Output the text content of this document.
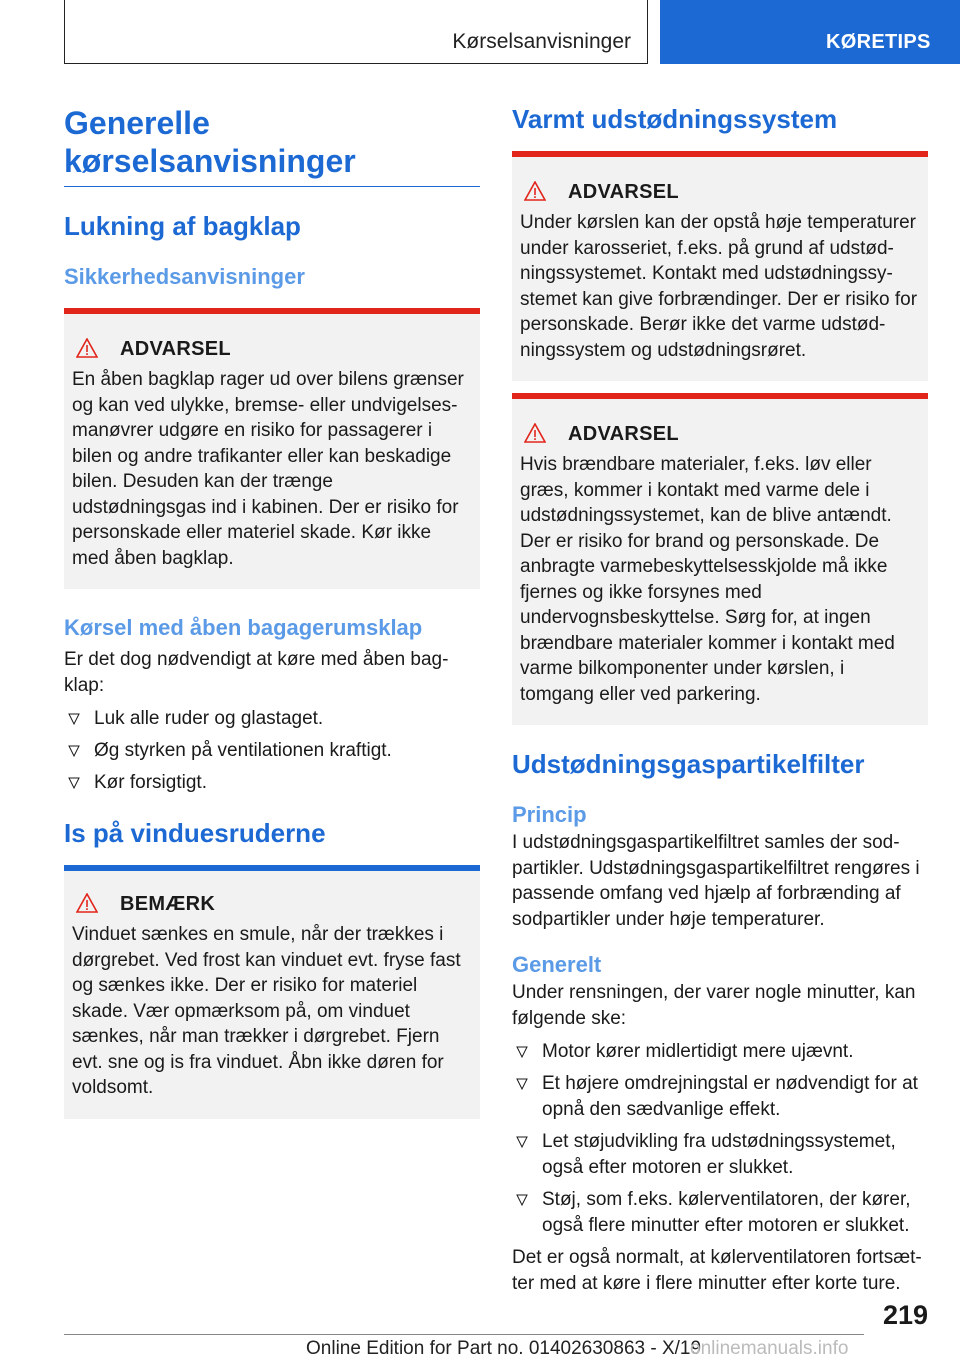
Kørselsanvisninger	KØRETIPS
Generelle
kørselsanvisninger
Lukning af bagklap
Sikkerhedsanvisninger

ADVARSEL

En åben bagklap rager ud over bilens grænser og kan ved ulykke, bremse- eller undvigelsesmanøvrer udgøre en risiko for passagerer i bilen og andre trafikanter eller kan beskadige bilen. Desuden kan der trænge udstødningsgas ind i kabinen. Der er risiko for personskade eller materiel skade. Kør ikke med åben bagklap.

Kørsel med åben bagagerumsklap

Er det dog nødvendigt at køre med åben bagklap:

Luk alle ruder og glastaget.
Øg styrken på ventilationen kraftigt.
Kør forsigtigt.
Is på vinduesruderne

BEMÆRK

Vinduet sænkes en smule, når der trækkes i dørgrebet. Ved frost kan vinduet evt. fryse fast og sænkes ikke. Der er risiko for materiel skade. Vær opmærksom på, om vinduet sænkes, når man trækker i dørgrebet. Fjern evt. sne og is fra vinduet. Åbn ikke døren for voldsomt.

Varmt udstødningssystem

ADVARSEL

Under kørslen kan der opstå høje temperaturer under karosseriet, f.eks. på grund af udstødningssystemet. Kontakt med udstødningssystemet kan give forbrændinger. Der er risiko for personskade. Berør ikke det varme udstødningssystem og udstødningsrøret.

ADVARSEL

Hvis brændbare materialer, f.eks. løv eller græs, kommer i kontakt med varme dele i udstødningssystemet, kan de blive antændt. Der er risiko for brand og personskade. De anbragte varmebeskyttelsesskjolde må ikke fjernes og ikke forsynes med undervognsbeskyttelse. Sørg for, at ingen brændbare materialer kommer i kontakt med varme bilkomponenter under kørslen, i tomgang eller ved parkering.

Udstødningsgaspartikelfilter
Princip

I udstødningsgaspartikelfiltret samles der sodpartikler. Udstødningsgaspartikelfiltret rengøres i passende omfang ved hjælp af forbrænding af sodpartikler under høje temperaturer.

Generelt

Under rensningen, der varer nogle minutter, kan følgende ske:

Motor kører midlertidigt mere ujævnt.
Et højere omdrejningstal er nødvendigt for at opnå den sædvanlige effekt.
Let støjudvikling fra udstødningssystemet, også efter motoren er slukket.
Støj, som f.eks. kølerventilatoren, der kører, også flere minutter efter motoren er slukket.

Det er også normalt, at kølerventilatoren fortsætter med at køre i flere minutter efter korte ture.

219
Online Edition for Part no. 01402630863 - X/19
onlinemanuals.info
